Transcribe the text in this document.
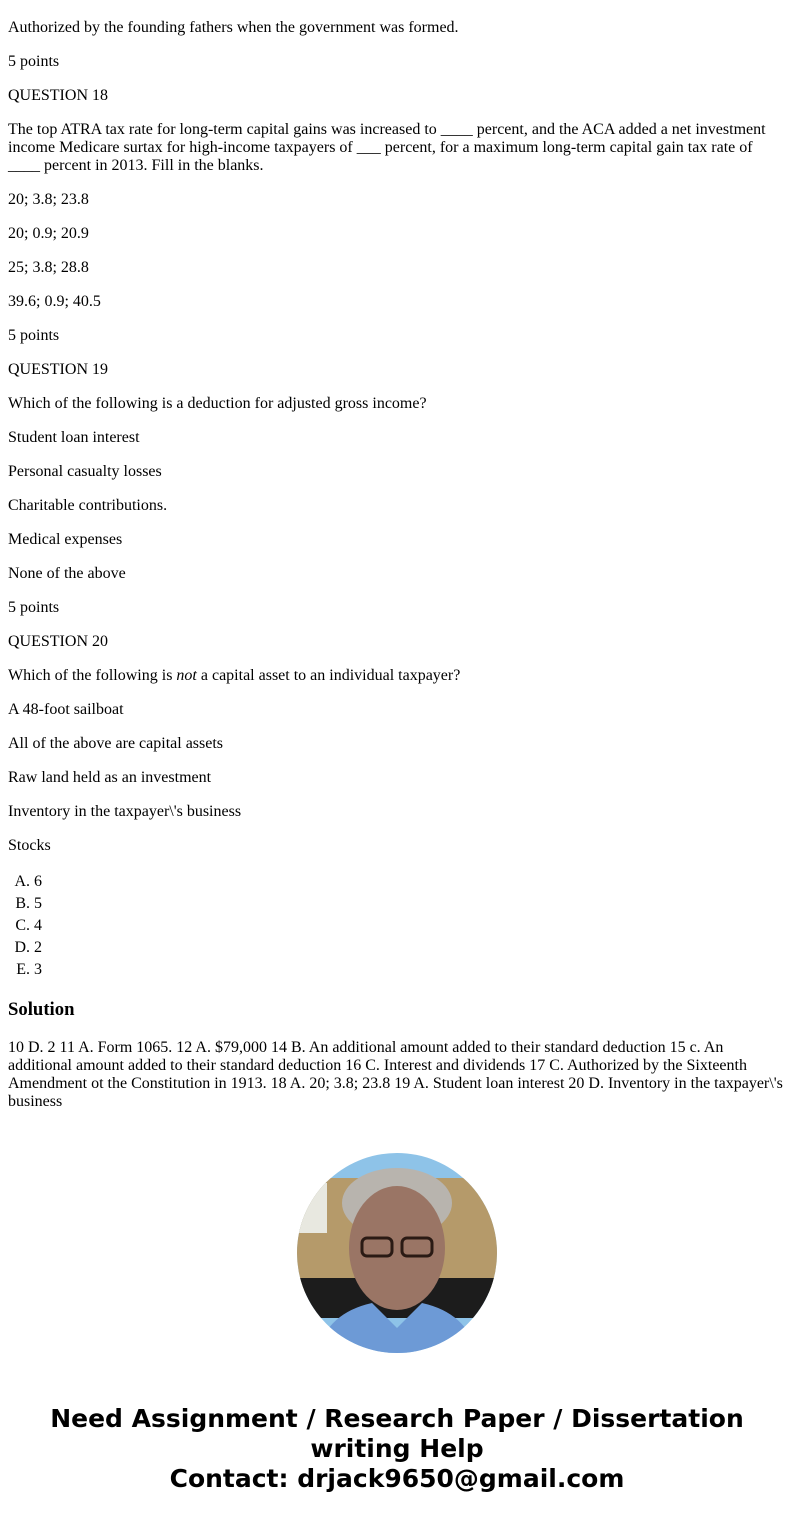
Authorized by the founding fathers when the government was formed.

5 points

QUESTION 18

The top ATRA tax rate for long-term capital gains was increased to ____ percent, and the ACA added a net investment income Medicare surtax for high-income taxpayers of ___ percent, for a maximum long-term capital gain tax rate of ____ percent in 2013. Fill in the blanks.

20; 3.8; 23.8

20; 0.9; 20.9

25; 3.8; 28.8

39.6; 0.9; 40.5

5 points

QUESTION 19

Which of the following is a deduction for adjusted gross income?

Student loan interest

Personal casualty losses

Charitable contributions.

Medical expenses

None of the above

5 points

QUESTION 20

Which of the following is not a capital asset to an individual taxpayer?

A 48-foot sailboat

All of the above are capital assets

Raw land held as an investment

Inventory in the taxpayer\'s business

Stocks

A. 6
B. 5
C. 4
D. 2
E. 3
Solution

10 D. 2 11 A. Form 1065. 12 A. $79,000 14 B. An additional amount added to their standard deduction 15 c. An additional amount added to their standard deduction 16 C. Interest and dividends 17 C. Authorized by the Sixteenth Amendment ot the Constitution in 1913. 18 A. 20; 3.8; 23.8 19 A. Student loan interest 20 D. Inventory in the taxpayer\'s business

Need Assignment / Research Paper / Dissertation writing Help
Contact: drjack9650@gmail.com
